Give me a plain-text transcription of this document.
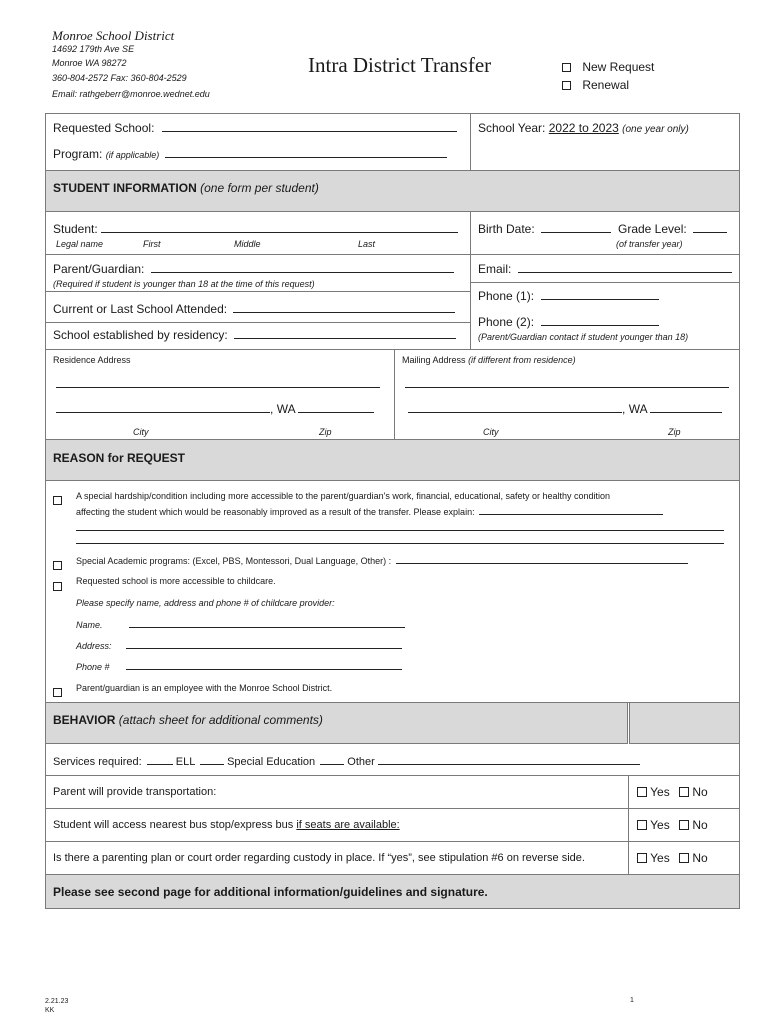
Monroe School District
14692 179th Ave SE
Monroe WA 98272
360-804-2572 Fax: 360-804-2529
Email: rathgeberr@monroe.wednet.edu
Intra District Transfer	New Request
Renewal
Requested School:
Program: (if applicable)
School Year: 2022 to 2023 (one year only)
STUDENT INFORMATION (one form per student)
Student:
Legal name	First	Middle	Last
Birth Date:	Grade Level:
(of transfer year)
Parent/Guardian:
(Required if student is younger than 18 at the time of this request)
Email:
Current or Last School Attended:
Phone (1):
School established by residency:
Phone (2):
(Parent/Guardian contact if student younger than 18)
Residence Address	Mailing Address (if different from residence)
, WA
City	Zip
, WA
City	Zip
REASON for REQUEST
A special hardship/condition including more accessible to the parent/guardian's work, financial, educational, safety or healthy condition
affecting the student which would be reasonably improved as a result of the transfer. Please explain:
Special Academic programs: (Excel, PBS, Montessori, Dual Language, Other) :
Requested school is more accessible to childcare.
Please specify name, address and phone # of childcare provider:
Name.
Address:
Phone #
Parent/guardian is an employee with the Monroe School District.
BEHAVIOR (attach sheet for additional comments)
Services required:	ELL	Special Education	Other
Parent will provide transportation:	Yes No
Student will access nearest bus stop/express bus if seats are available:	Yes No
Is there a parenting plan or court order regarding custody in place. If “yes”, see stipulation #6 on reverse side.	Yes No
Please see second page for additional information/guidelines and signature.
2.21.23
KK
1
